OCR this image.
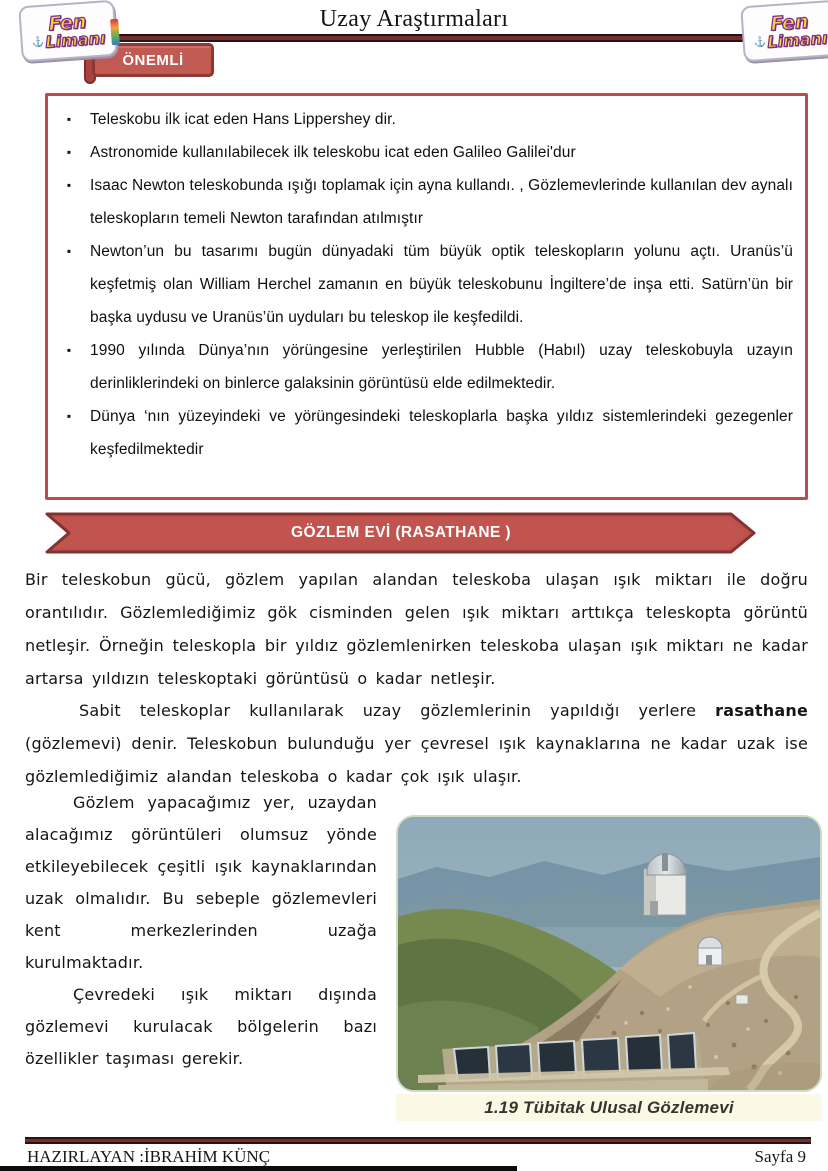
Uzay Araştırmaları
Fen
⚓ Limanı
Fen
⚓ Limanı
ÖNEMLİ
▪	Teleskobu ilk icat eden Hans Lippershey dir.
▪	Astronomide kullanılabilecek ilk teleskobu icat eden Galileo Galilei'dur
▪	Isaac Newton teleskobunda ışığı toplamak için ayna kullandı. , Gözlemevlerinde kullanılan dev aynalı teleskopların temeli Newton tarafından atılmıştır
▪	Newton’un bu tasarımı bugün dünyadaki tüm büyük optik teleskopların yolunu açtı. Uranüs’ü keşfetmiş olan William Herchel zamanın en büyük teleskobunu İngiltere’de inşa etti. Satürn’ün bir başka uydusu ve Uranüs’ün uyduları bu teleskop ile keşfedildi.
▪	1990 yılında Dünya’nın yörüngesine yerleştirilen Hubble (Habıl) uzay teleskobuyla uzayın derinliklerindeki on binlerce galaksinin görüntüsü elde edilmektedir.
▪	Dünya ‘nın yüzeyindeki ve yörüngesindeki teleskoplarla başka yıldız sistemlerindeki gezegenler keşfedilmektedir
GÖZLEM EVİ (RASATHANE )

Bir teleskobun gücü, gözlem yapılan alandan teleskoba ulaşan ışık miktarı ile doğru orantılıdır. Gözlemlediğimiz gök cisminden gelen ışık miktarı arttıkça teleskopta görüntü netleşir. Örneğin teleskopla bir yıldız gözlemlenirken teleskoba ulaşan ışık miktarı ne kadar artarsa yıldızın teleskoptaki görüntüsü o kadar netleşir.

Sabit teleskoplar kullanılarak uzay gözlemlerinin yapıldığı yerlere rasathane (gözlemevi) denir. Teleskobun bulunduğu yer çevresel ışık kaynaklarına ne kadar uzak ise gözlemlediğimiz alandan teleskoba o kadar çok ışık ulaşır.

Gözlem yapacağımız yer, uzaydan alacağımız görüntüleri olumsuz yönde etkileyebilecek çeşitli ışık kaynaklarından uzak olmalıdır. Bu sebeple gözlemevleri kent merkezlerinden uzağa kurulmaktadır.

Çevredeki ışık miktarı dışında gözlemevi kurulacak bölgelerin bazı özellikler taşıması gerekir.

1.19 Tübitak Ulusal Gözlemevi
HAZIRLAYAN :İBRAHİM KÜNÇ	Sayfa 9
